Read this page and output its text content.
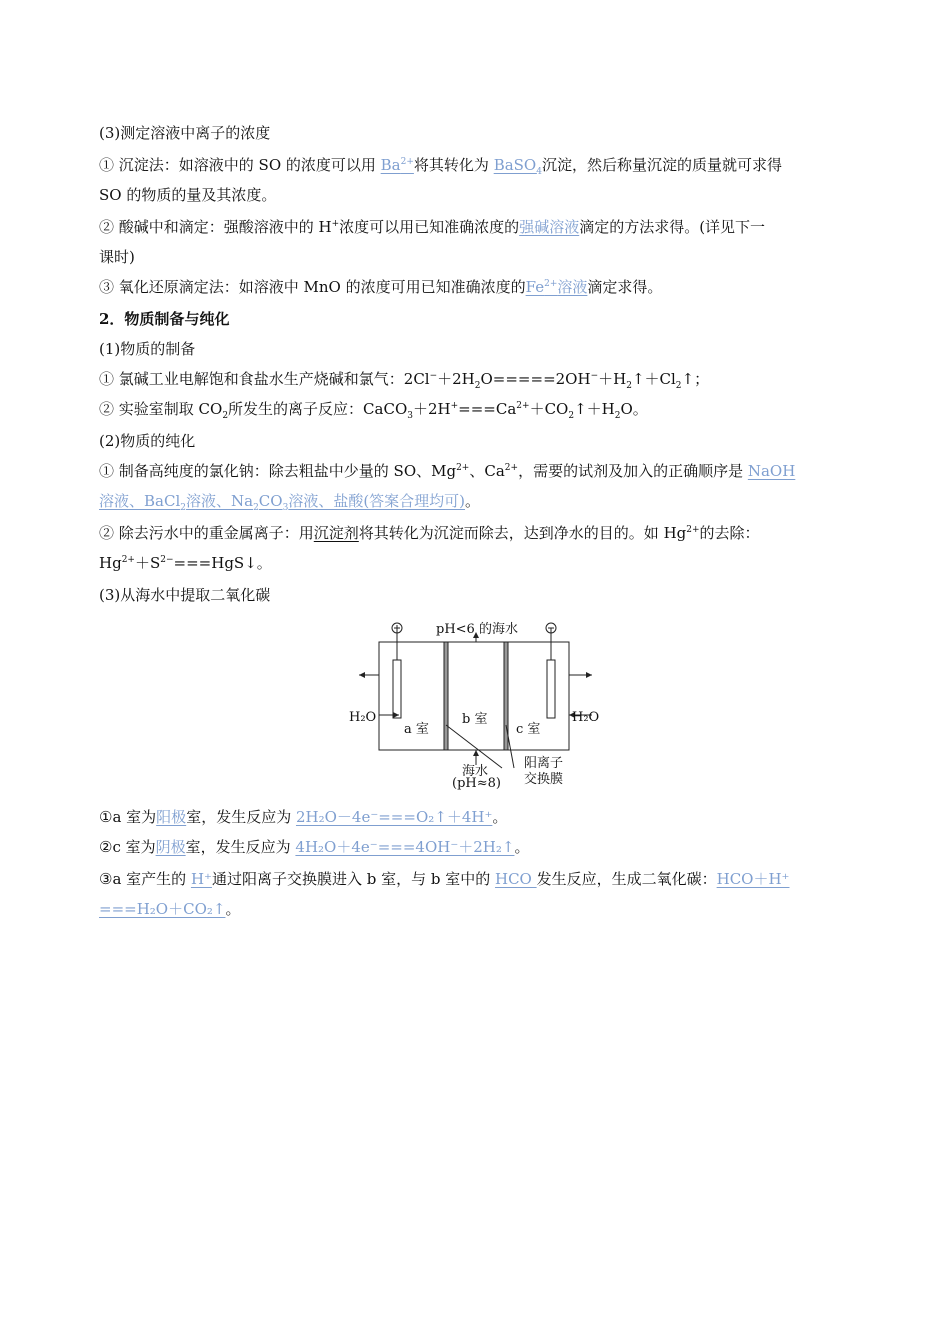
(3)测定溶液中离子的浓度
① 沉淀法：如溶液中的 SO 的浓度可以用 $Ba^{2+}$将其转化为 BaSO$_4$沉淀，然后称量沉淀的质量就可求得
SO 的物质的量及其浓度。
② 酸碱中和滴定：强酸溶液中的 H+浓度可以用已知准确浓度的强碱溶液滴定的方法求得。(详见下一
课时)
③ 氧化还原滴定法：如溶液中 MnO 的浓度可用已知准确浓度的$Fe^{2+}$溶液滴定求得。
2．物质制备与纯化
(1)物质的制备
① 氯碱工业电解饱和食盐水生产烧碱和氯气：$2Cl^-+2H_2O=====2OH^-+H_2↑+Cl_2↑$；
② 实验室制取 $CO_2$所发生的离子反应：$CaCO_3+2H^+===Ca^{2+}+CO_2↑+H_2O$。
(2)物质的纯化
① 制备高纯度的氯化钠：除去粗盐中少量的 SO、$Mg^{2+}$、$Ca^{2+}$，需要的试剂及加入的正确顺序是 NaOH
溶液、BaCl$_2$溶液、$Na_2CO_3$溶液、盐酸(答案合理均可)。
② 除去污水中的重金属离子：用沉淀剂将其转化为沉淀而除去，达到净水的目的。如 $Hg^{2+}$的去除：
$Hg^{2+}+S^{2-}===HgS↓$。
(3)从海水中提取二氧化碳
pH<6 的海水
H₂O	H₂O
a 室
b 室
c 室
海水
(pH≈8)
阳离子
交换膜
①a 室为阳极室，发生反应为 2H₂O－4e⁻===O₂↑＋4H⁺。
②c 室为阴极室，发生反应为 4H₂O＋4e⁻===4OH⁻＋2H₂↑。
③a 室产生的 H⁺通过阳离子交换膜进入 b 室，与 b 室中的 HCO 发生反应，生成二氧化碳：HCO＋H⁺
===H₂O＋CO₂↑。
